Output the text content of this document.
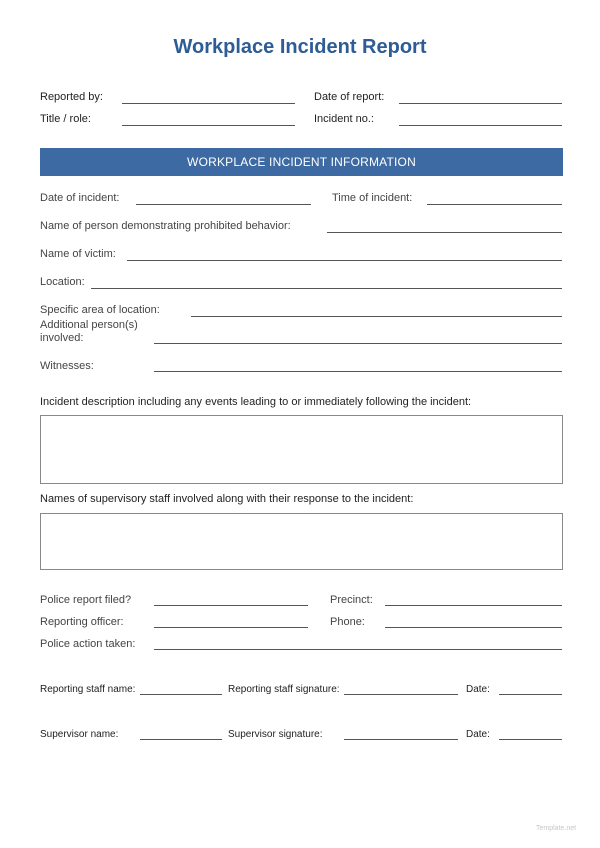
Workplace Incident Report
Reported by:	Date of report:
Title / role:	Incident no.:
WORKPLACE INCIDENT INFORMATION
Date of incident:	Time of incident:
Name of person demonstrating prohibited behavior:
Name of victim:
Location:
Specific area of location:
Additional person(s)
involved:
Witnesses:
Incident description including any events leading to or immediately following the incident:
Names of supervisory staff involved along with their response to the incident:
Police report filed?	Precinct:
Reporting officer:	Phone:
Police action taken:
Reporting staff name:	Reporting staff signature:	Date:
Supervisor name:	Supervisor signature:	Date:
Template.net
